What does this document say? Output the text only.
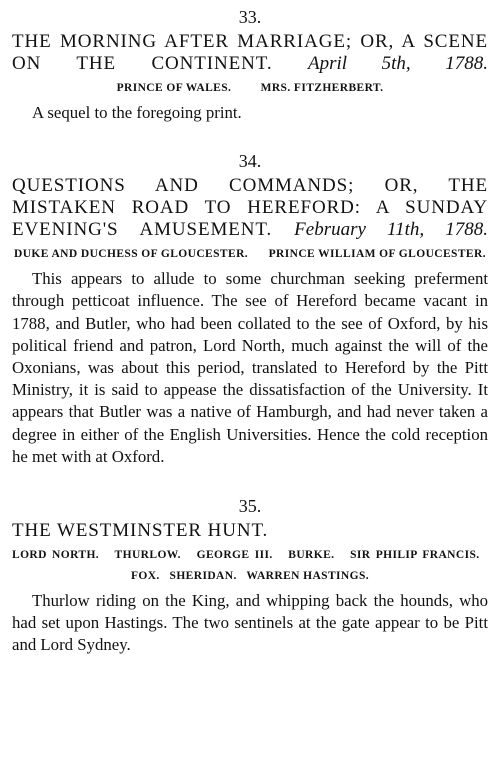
33.

THE MORNING AFTER MARRIAGE; OR, A SCENE ON THE CONTINENT. April 5th, 1788.

PRINCE OF WALES.	MRS. FITZHERBERT.

A sequel to the foregoing print.

34.

QUESTIONS AND COMMANDS; OR, THE MISTAKEN ROAD TO HEREFORD: A SUNDAY EVENING'S AMUSEMENT. February 11th, 1788.

DUKE AND DUCHESS OF GLOUCESTER. PRINCE WILLIAM OF GLOUCESTER.

This appears to allude to some churchman seeking preferment through petticoat influence. The see of Hereford became vacant in 1788, and Butler, who had been collated to the see of Oxford, by his political friend and patron, Lord North, much against the will of the Oxonians, was about this period, translated to Hereford by the Pitt Ministry, it is said to appease the dissatisfaction of the University. It appears that Butler was a native of Hamburgh, and had never taken a degree in either of the English Universities. Hence the cold reception he met with at Oxford.

35.

THE WESTMINSTER HUNT.

LORD NORTH. THURLOW. GEORGE III. BURKE. SIR PHILIP FRANCIS.   FOX. SHERIDAN. WARREN HASTINGS.

Thurlow riding on the King, and whipping back the hounds, who had set upon Hastings. The two sentinels at the gate appear to be Pitt and Lord Sydney.
